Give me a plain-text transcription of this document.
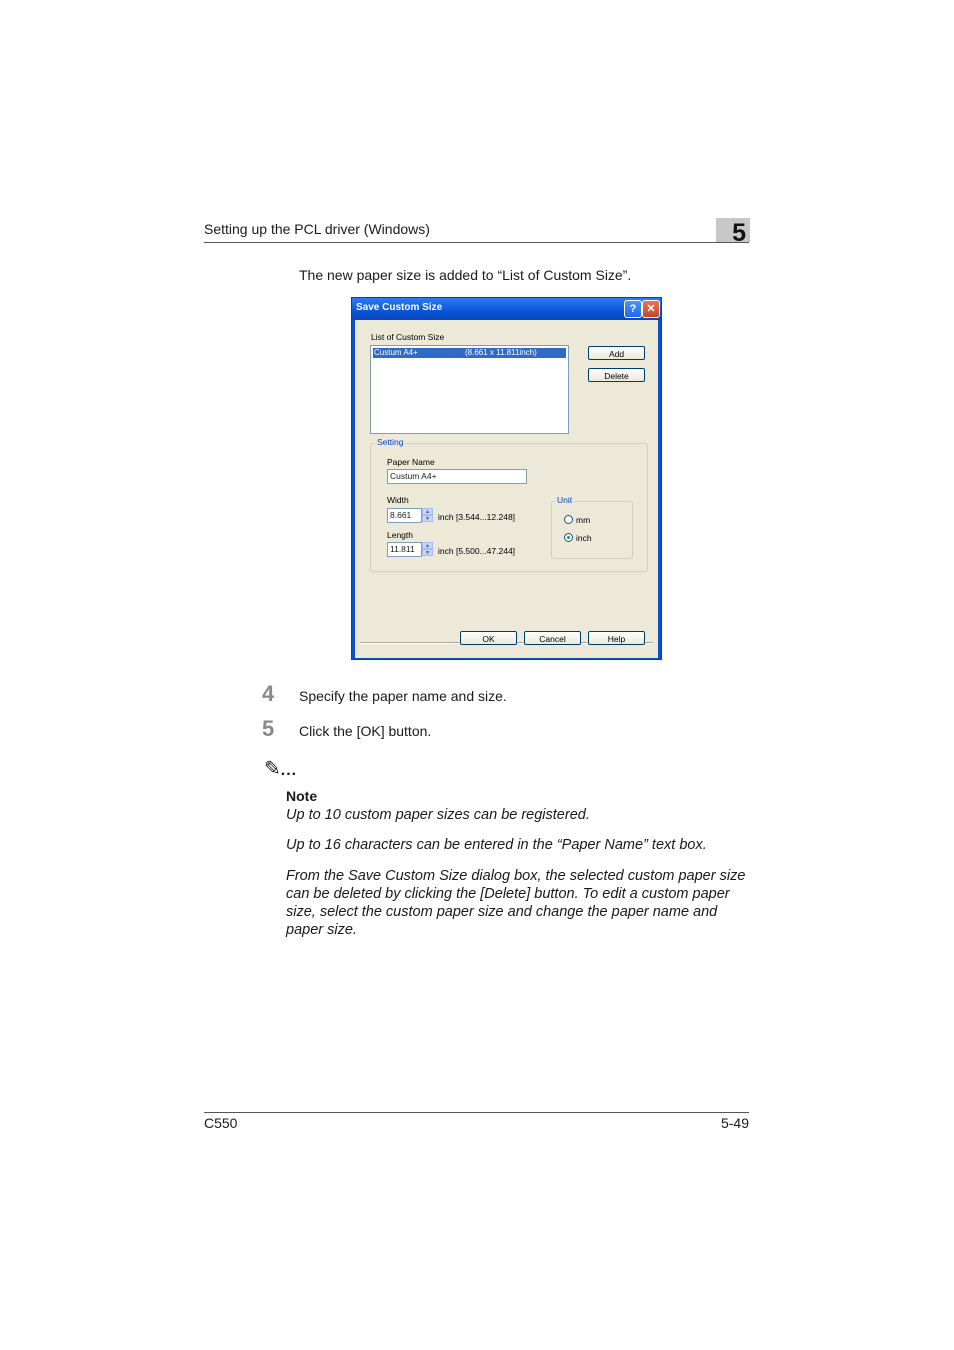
Setting up the PCL driver (Windows)	5
The new paper size is added to “List of Custom Size”.
Save Custom Size	? ✕
List of Custom Size
Custum A4+	(8.661 x 11.811inch)	Add
Delete
Setting
Paper Name
Custum A4+
Width
8.661	▲
▼ inch [3.544...12.248]
Length
11.811	▲
▼ inch [5.500...47.244]
Unit
mm
inch
OK	Cancel	Help
4 Specify the paper name and size.
5 Click the [OK] button.
✎...
Note
Up to 10 custom paper sizes can be registered.
Up to 16 characters can be entered in the “Paper Name” text box.
From the Save Custom Size dialog box, the selected custom paper size can be deleted by clicking the [Delete] button. To edit a custom paper size, select the custom paper size and change the paper name and paper size.
C550	5-49
